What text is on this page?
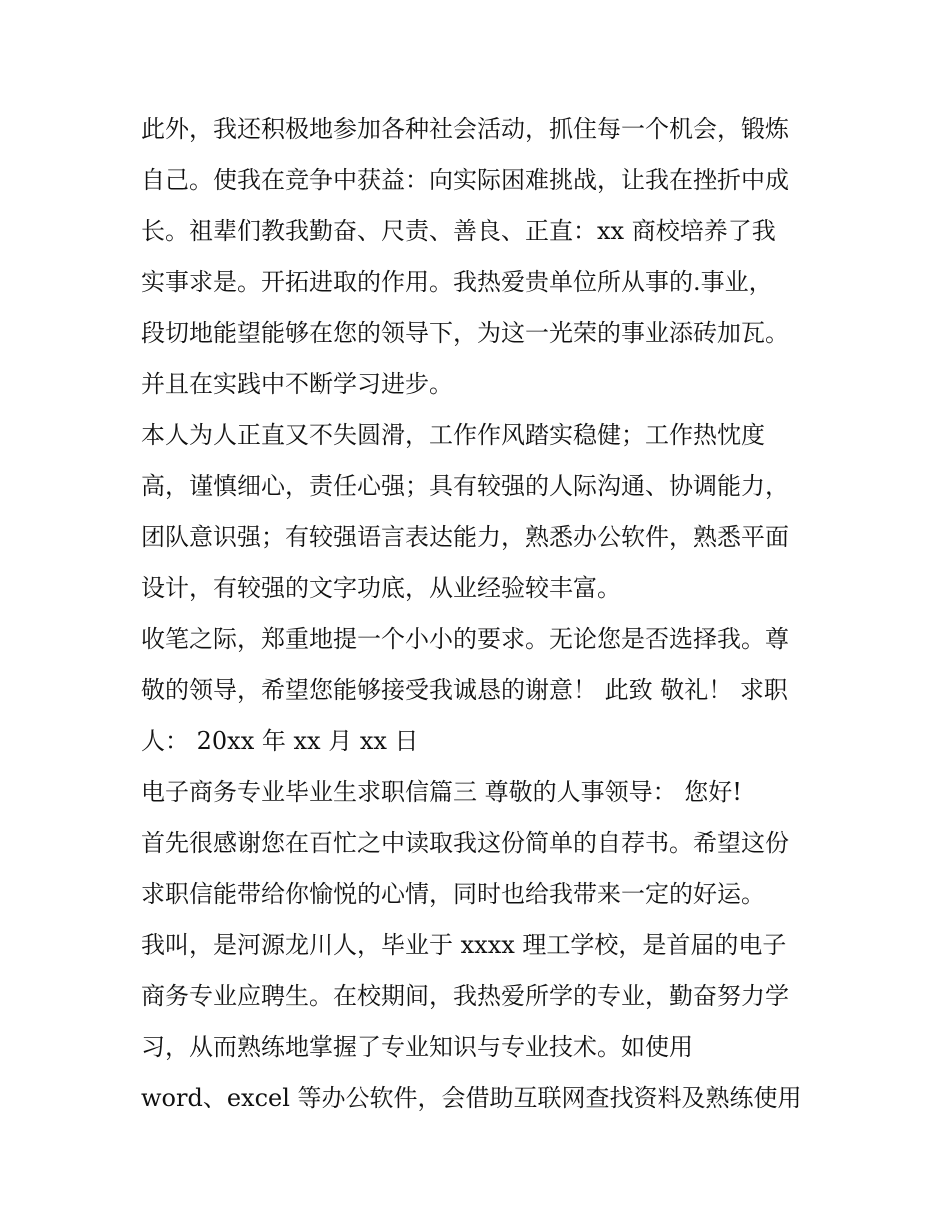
此外，我还积极地参加各种社会活动，抓住每一个机会，锻炼
自己。使我在竞争中获益：向实际困难挑战，让我在挫折中成
长。祖辈们教我勤奋、尺责、善良、正直：xx 商校培养了我
实事求是。开拓进取的作用。我热爱贵单位所从事的.事业，
段切地能望能够在您的领导下，为这一光荣的事业添砖加瓦。
并且在实践中不断学习进步。
本人为人正直又不失圆滑，工作作风踏实稳健；工作热忱度
高，谨慎细心，责任心强；具有较强的人际沟通、协调能力，
团队意识强；有较强语言表达能力，熟悉办公软件，熟悉平面
设计，有较强的文字功底，从业经验较丰富。
收笔之际，郑重地提一个小小的要求。无论您是否选择我。尊
敬的领导，希望您能够接受我诚恳的谢意！ 此致 敬礼！ 求职
人： 20xx 年 xx 月 xx 日
电子商务专业毕业生求职信篇三 尊敬的人事领导： 您好!
首先很感谢您在百忙之中读取我这份简单的自荐书。希望这份
求职信能带给你愉悦的心情，同时也给我带来一定的好运。
我叫，是河源龙川人，毕业于 xxxx 理工学校，是首届的电子
商务专业应聘生。在校期间，我热爱所学的专业，勤奋努力学
习，从而熟练地掌握了专业知识与专业技术。如使用
word、excel 等办公软件，会借助互联网查找资料及熟练使用
